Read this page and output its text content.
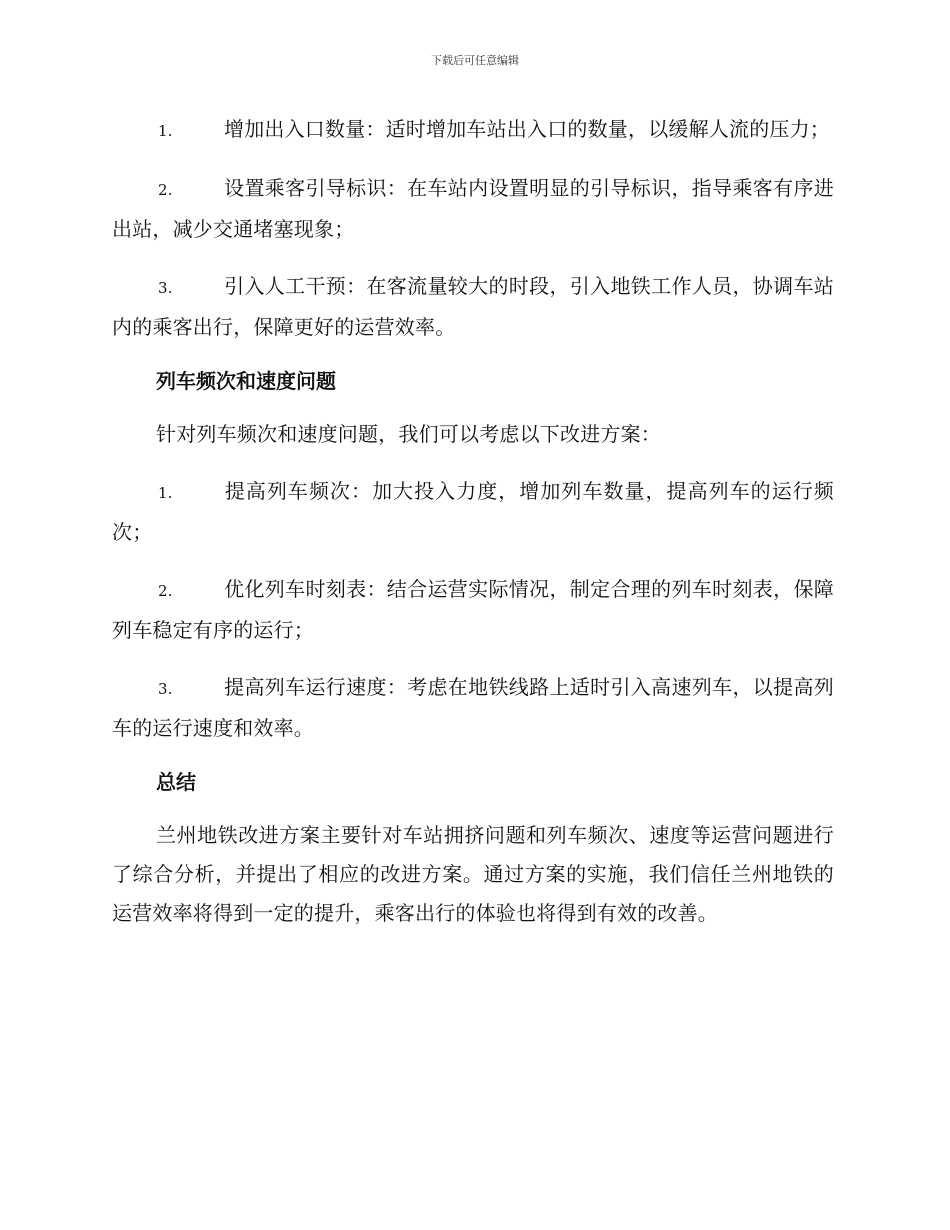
下载后可任意编辑

1.	增加出入口数量：适时增加车站出入口的数量，以缓解人流的压力；

2.	设置乘客引导标识：在车站内设置明显的引导标识，指导乘客有序进出站，减少交通堵塞现象；

3.	引入人工干预：在客流量较大的时段，引入地铁工作人员，协调车站内的乘客出行，保障更好的运营效率。

列车频次和速度问题

针对列车频次和速度问题，我们可以考虑以下改进方案：

1.	提高列车频次：加大投入力度，增加列车数量，提高列车的运行频次；

2.	优化列车时刻表：结合运营实际情况，制定合理的列车时刻表，保障列车稳定有序的运行；

3.	提高列车运行速度：考虑在地铁线路上适时引入高速列车，以提高列车的运行速度和效率。

总结

兰州地铁改进方案主要针对车站拥挤问题和列车频次、速度等运营问题进行了综合分析，并提出了相应的改进方案。通过方案的实施，我们信任兰州地铁的运营效率将得到一定的提升，乘客出行的体验也将得到有效的改善。
